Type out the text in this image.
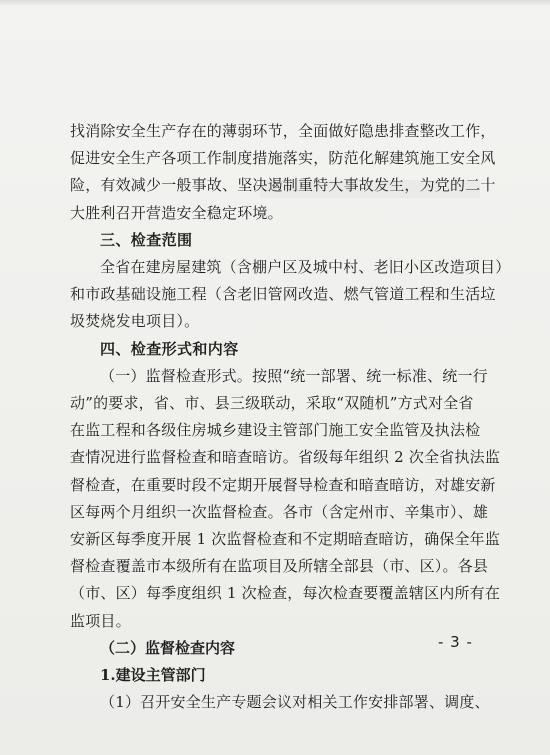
找消除安全生产存在的薄弱环节，全面做好隐患排查整改工作，
促进安全生产各项工作制度措施落实，防范化解建筑施工安全风
险，有效减少一般事故、坚决遏制重特大事故发生，为党的二十
大胜利召开营造安全稳定环境。
三、检查范围
全省在建房屋建筑（含棚户区及城中村、老旧小区改造项目）
和市政基础设施工程（含老旧管网改造、燃气管道工程和生活垃
圾焚烧发电项目）。
四、检查形式和内容
（一）监督检查形式。按照“统一部署、统一标准、统一行
动”的要求，省、市、县三级联动，采取“双随机”方式对全省
在监工程和各级住房城乡建设主管部门施工安全监管及执法检
查情况进行监督检查和暗查暗访。省级每年组织 2 次全省执法监
督检查，在重要时段不定期开展督导检查和暗查暗访，对雄安新
区每两个月组织一次监督检查。各市（含定州市、辛集市）、雄
安新区每季度开展 1 次监督检查和不定期暗查暗访，确保全年监
督检查覆盖市本级所有在监项目及所辖全部县（市、区）。各县
（市、区）每季度组织 1 次检查，每次检查要覆盖辖区内所有在
监项目。
（二）监督检查内容
1.建设主管部门
（1）召开安全生产专题会议对相关工作安排部署、调度、
- 3 -
